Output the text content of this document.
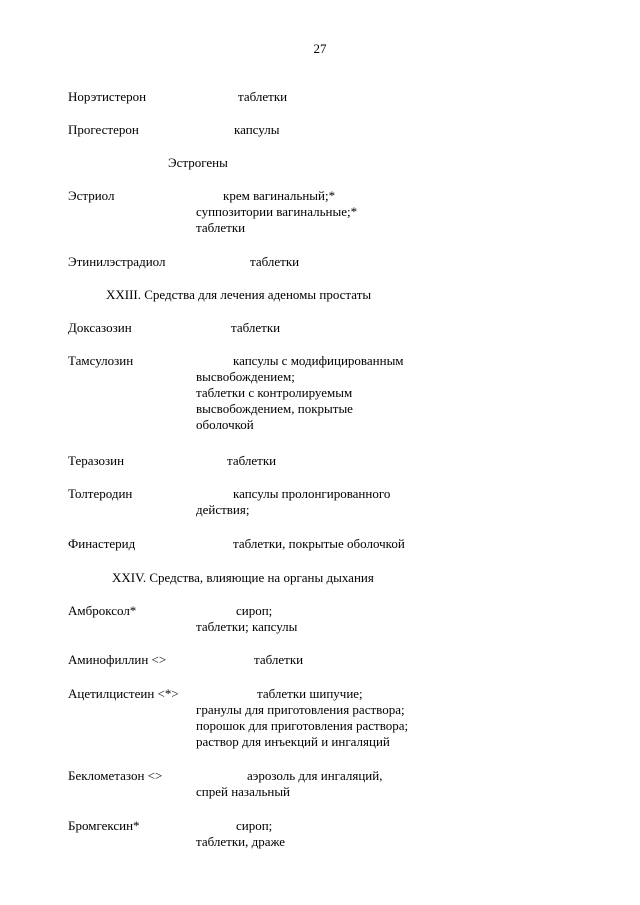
27
Норэтистерон	таблетки
Прогестерон	капсулы
Эстрогены
Эстриол	крем вагинальный;*
суппозитории вагинальные;*
таблетки
Этинилэстрадиол	таблетки
XXIII. Средства для лечения аденомы простаты
Доксазозин	таблетки
Тамсулозин	капсулы с модифицированным
высвобождением;
таблетки с контролируемым
высвобождением, покрытые
оболочкой
Теразозин	таблетки
Толтеродин	капсулы пролонгированного
действия;
Финастерид	таблетки, покрытые оболочкой
XXIV. Средства, влияющие на органы дыхания
Амброксол*	сироп;
таблетки; капсулы
Аминофиллин <>	таблетки
Ацетилцистеин <*>	таблетки шипучие;
гранулы для приготовления раствора;
порошок для приготовления раствора;
раствор для инъекций и ингаляций
Беклометазон <>	аэрозоль для ингаляций,
спрей назальный
Бромгексин*	сироп;
таблетки, драже
